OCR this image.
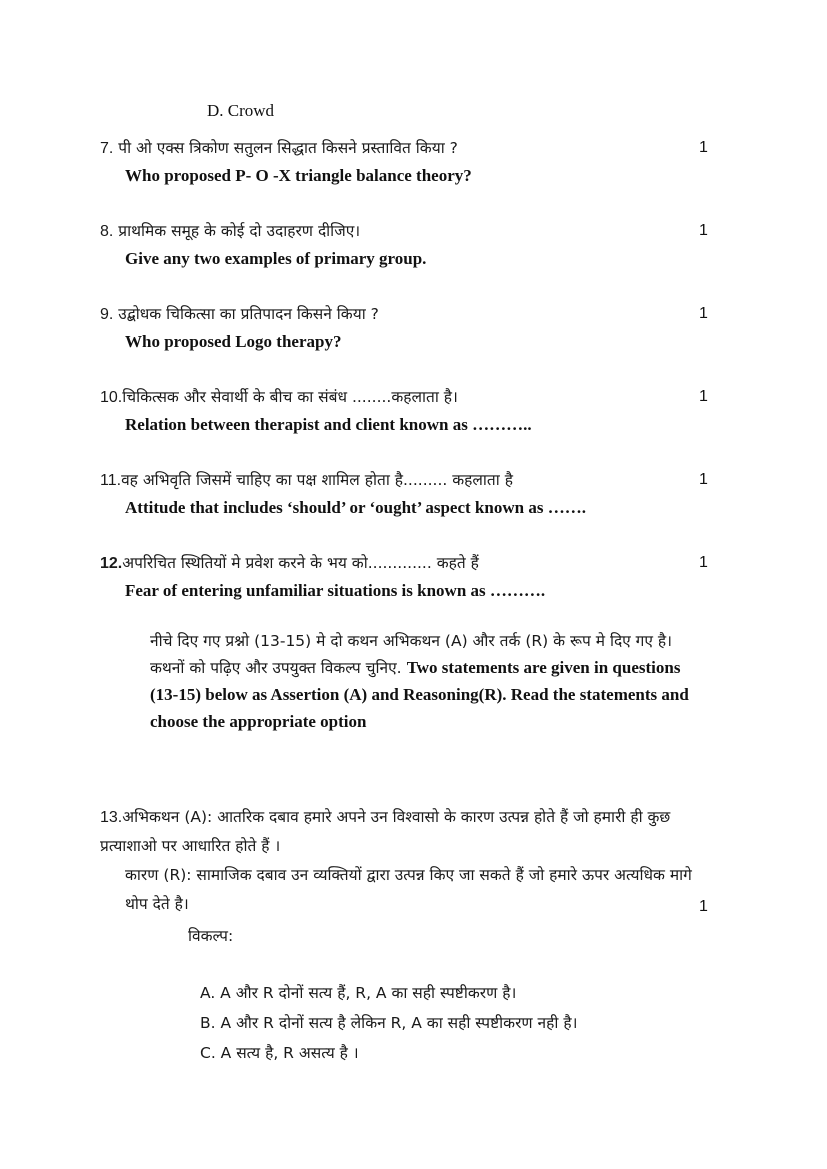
D. Crowd
7. पी ओ एक्स त्रिकोण सतुलन सिद्धात किसने प्रस्तावित किया ?	1
Who proposed P- O -X triangle balance theory?
8. प्राथमिक समूह के कोई दो उदाहरण दीजिए।	1
Give any two examples of primary group.
9. उद्बोधक चिकित्सा का प्रतिपादन किसने किया ?	1
Who proposed Logo therapy?
10.चिकित्सक और सेवार्थी के बीच का संबंध ........कहलाता है।	1
Relation between therapist and client known as ………..
11.वह अभिवृति जिसमें चाहिए का पक्ष शामिल होता है......... कहलाता है	1
Attitude that includes ‘should’ or ‘ought’ aspect known as …….
12.अपरिचित स्थितियों मे प्रवेश करने के भय को............. कहते हैं	1
Fear of entering unfamiliar situations is known as ……….
नीचे दिए गए प्रश्नो (13-15) मे दो कथन अभिकथन (A) और तर्क (R) के रूप मे दिए गए है। कथनों को पढ़िए और उपयुक्त विकल्प चुनिए. Two statements are given in questions (13-15) below as Assertion (A) and Reasoning(R). Read the statements and choose the appropriate option
13.अभिकथन (A): आतरिक दबाव हमारे अपने उन विश्वासो के कारण उत्पन्न होते हैं जो हमारी ही कुछ प्रत्याशाओ पर आधारित होते हैं ।
कारण (R): सामाजिक दबाव उन व्यक्तियों द्वारा उत्पन्न किए जा सकते हैं जो हमारे ऊपर अत्यधिक मागे थोप देते है।	1
विकल्प:
A. A और R दोनों सत्य हैं, R, A का सही स्पष्टीकरण है।
B. A और R दोनों सत्य है लेकिन R, A का सही स्पष्टीकरण नही है।
C. A सत्य है, R असत्य है ।
